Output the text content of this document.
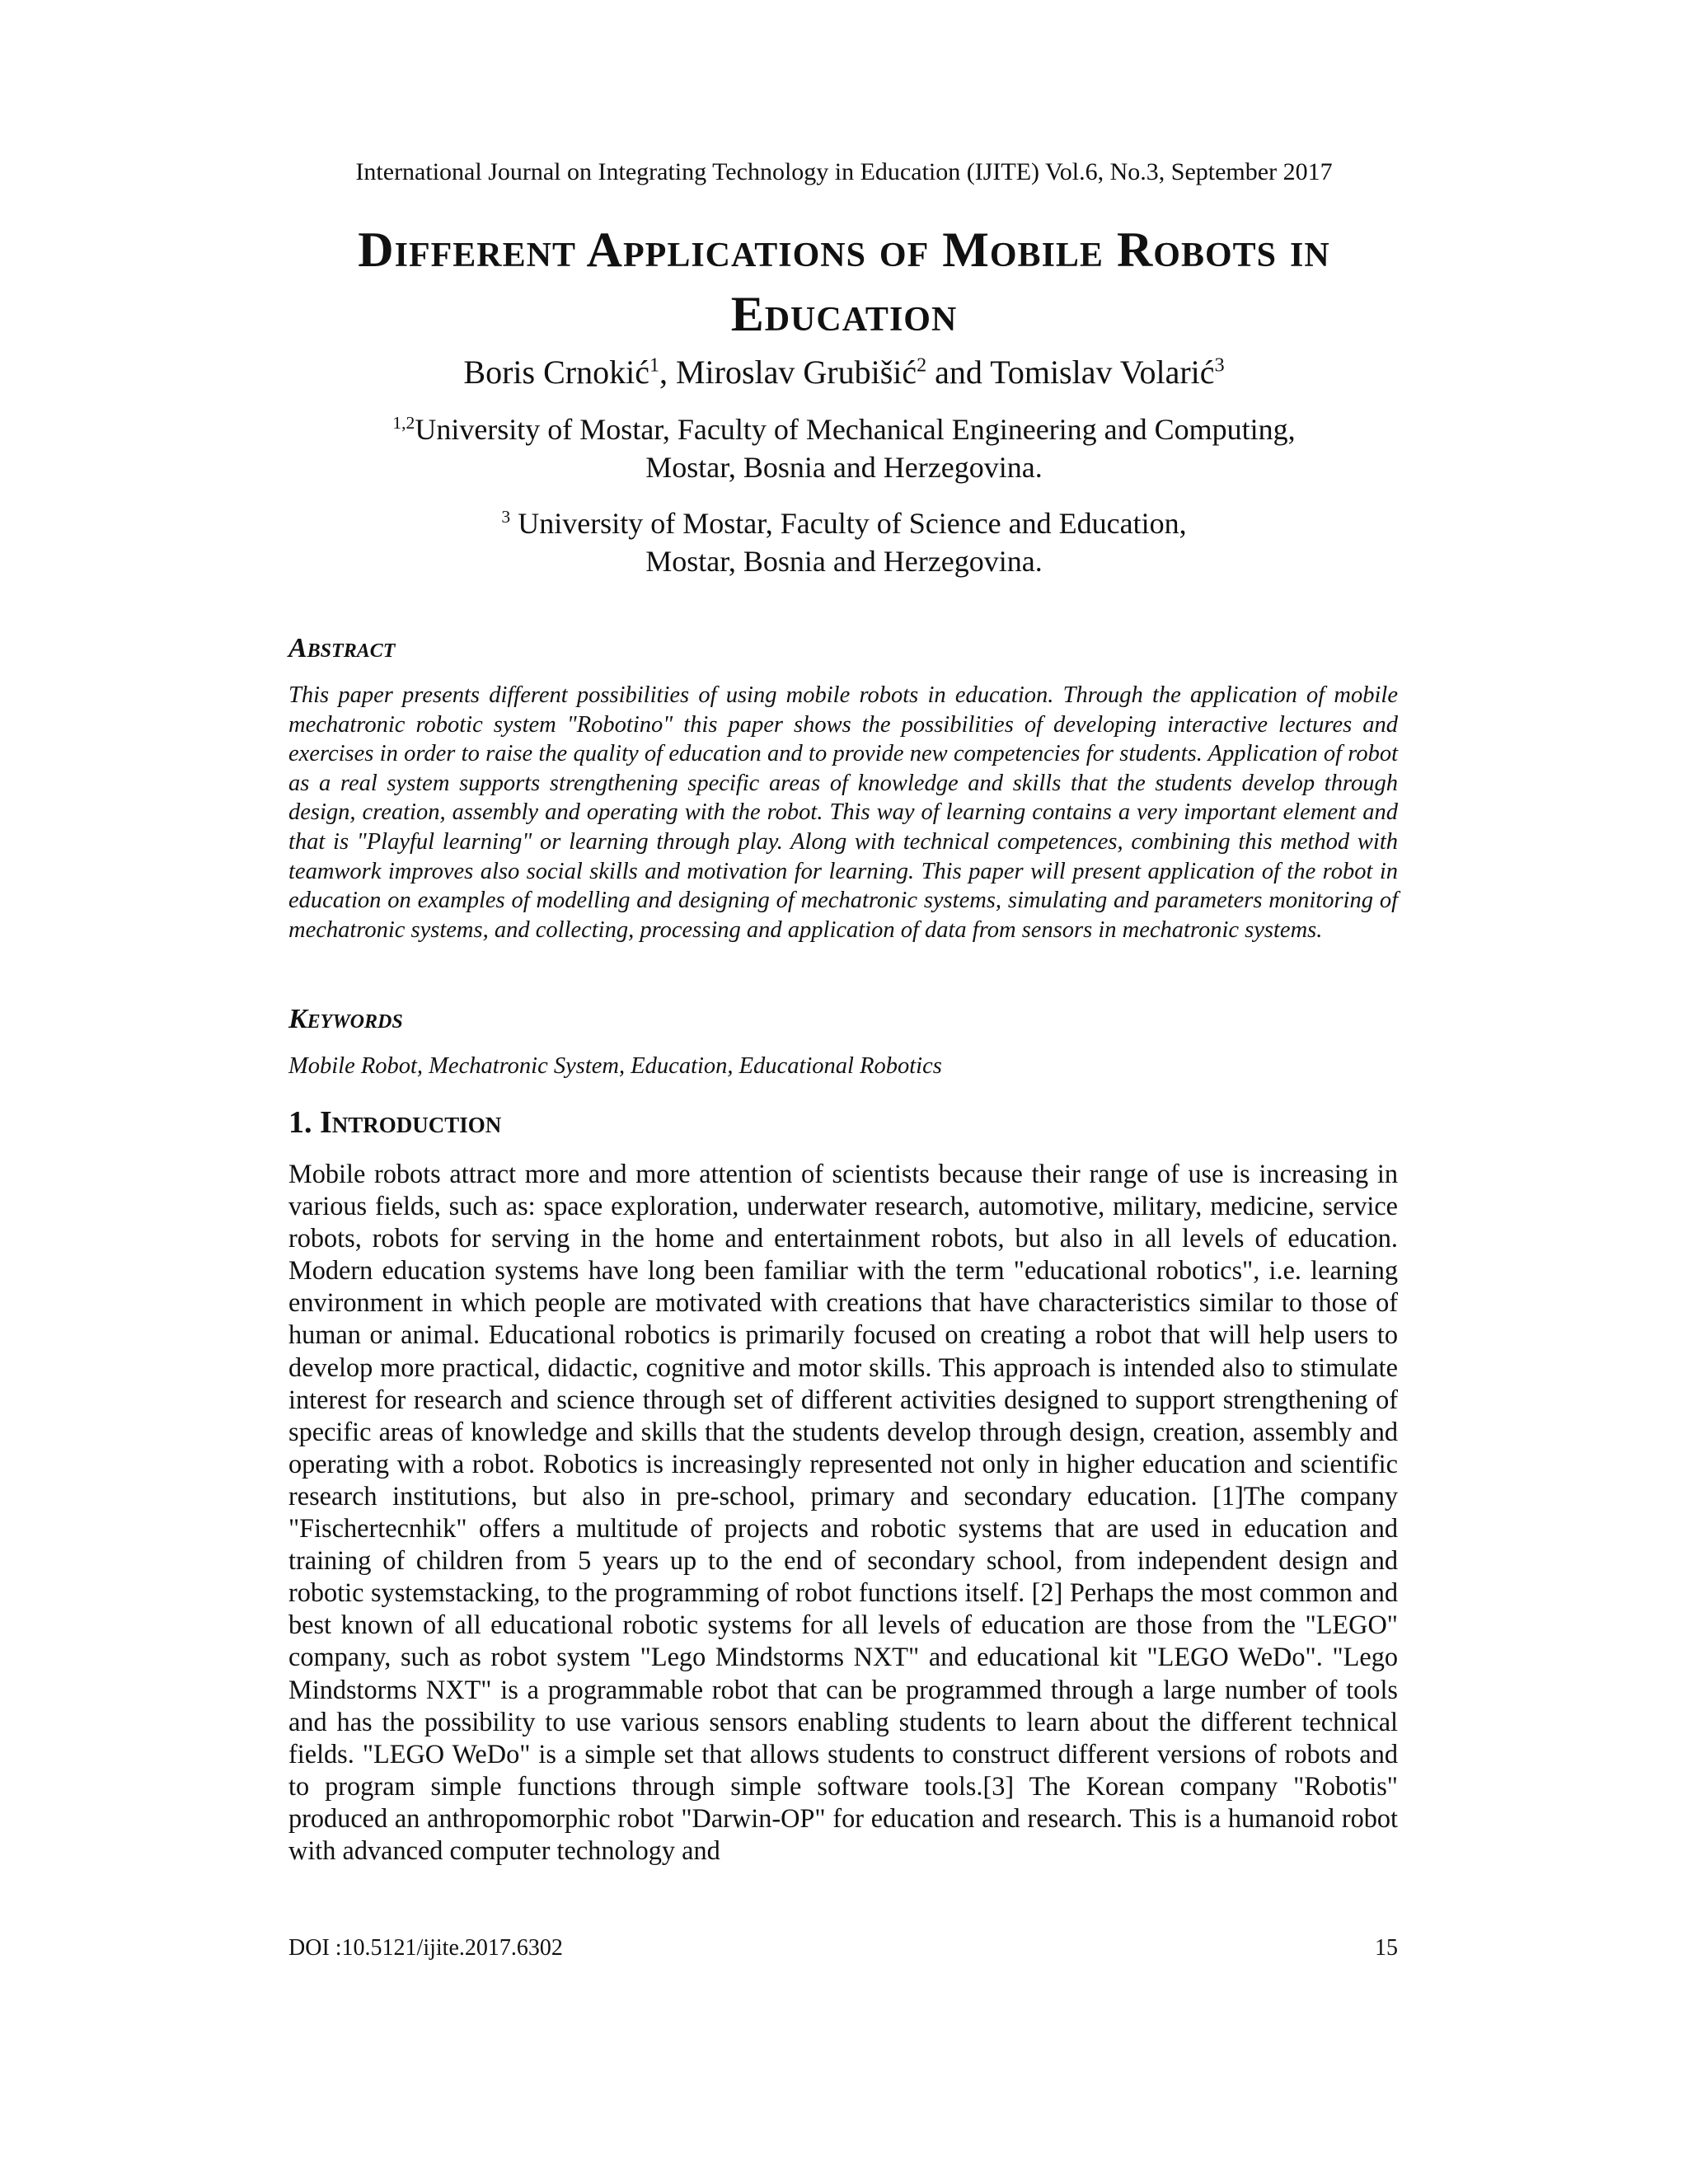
International Journal on Integrating Technology in Education (IJITE) Vol.6, No.3, September 2017
Different Applications of Mobile Robots in
Education
Boris Crnokić$^1$, Miroslav Grubišić$^2$ and Tomislav Volarić$^3$
$^{1,2}$University of Mostar, Faculty of Mechanical Engineering and Computing,
Mostar, Bosnia and Herzegovina.
$^3$ University of Mostar, Faculty of Science and Education,
Mostar, Bosnia and Herzegovina.
Abstract

This paper presents different possibilities of using mobile robots in education. Through the application of mobile mechatronic robotic system "Robotino" this paper shows the possibilities of developing interactive lectures and exercises in order to raise the quality of education and to provide new competencies for students. Application of robot as a real system supports strengthening specific areas of knowledge and skills that the students develop through design, creation, assembly and operating with the robot. This way of learning contains a very important element and that is "Playful learning" or learning through play. Along with technical competences, combining this method with teamwork improves also social skills and motivation for learning. This paper will present application of the robot in education on examples of modelling and designing of mechatronic systems, simulating and parameters monitoring of mechatronic systems, and collecting, processing and application of data from sensors in mechatronic systems.

Keywords
Mobile Robot, Mechatronic System, Education, Educational Robotics
1. Introduction

Mobile robots attract more and more attention of scientists because their range of use is increasing in various fields, such as: space exploration, underwater research, automotive, military, medicine, service robots, robots for serving in the home and entertainment robots, but also in all levels of education. Modern education systems have long been familiar with the term "educational robotics", i.e. learning environment in which people are motivated with creations that have characteristics similar to those of human or animal. Educational robotics is primarily focused on creating a robot that will help users to develop more practical, didactic, cognitive and motor skills. This approach is intended also to stimulate interest for research and science through set of different activities designed to support strengthening of specific areas of knowledge and skills that the students develop through design, creation, assembly and operating with a robot. Robotics is increasingly represented not only in higher education and scientific research institutions, but also in pre-school, primary and secondary education. [1]The company "Fischertecnhik" offers a multitude of projects and robotic systems that are used in education and training of children from 5 years up to the end of secondary school, from independent design and robotic systemstacking, to the programming of robot functions itself. [2] Perhaps the most common and best known of all educational robotic systems for all levels of education are those from the "LEGO" company, such as robot system "Lego Mindstorms NXT" and educational kit "LEGO WeDo". "Lego Mindstorms NXT" is a programmable robot that can be programmed through a large number of tools and has the possibility to use various sensors enabling students to learn about the different technical fields. "LEGO WeDo" is a simple set that allows students to construct different versions of robots and to program simple functions through simple software tools.[3] The Korean company "Robotis" produced an anthropomorphic robot "Darwin-OP" for education and research. This is a humanoid robot with advanced computer technology and

DOI :10.5121/ijite.2017.6302	15
